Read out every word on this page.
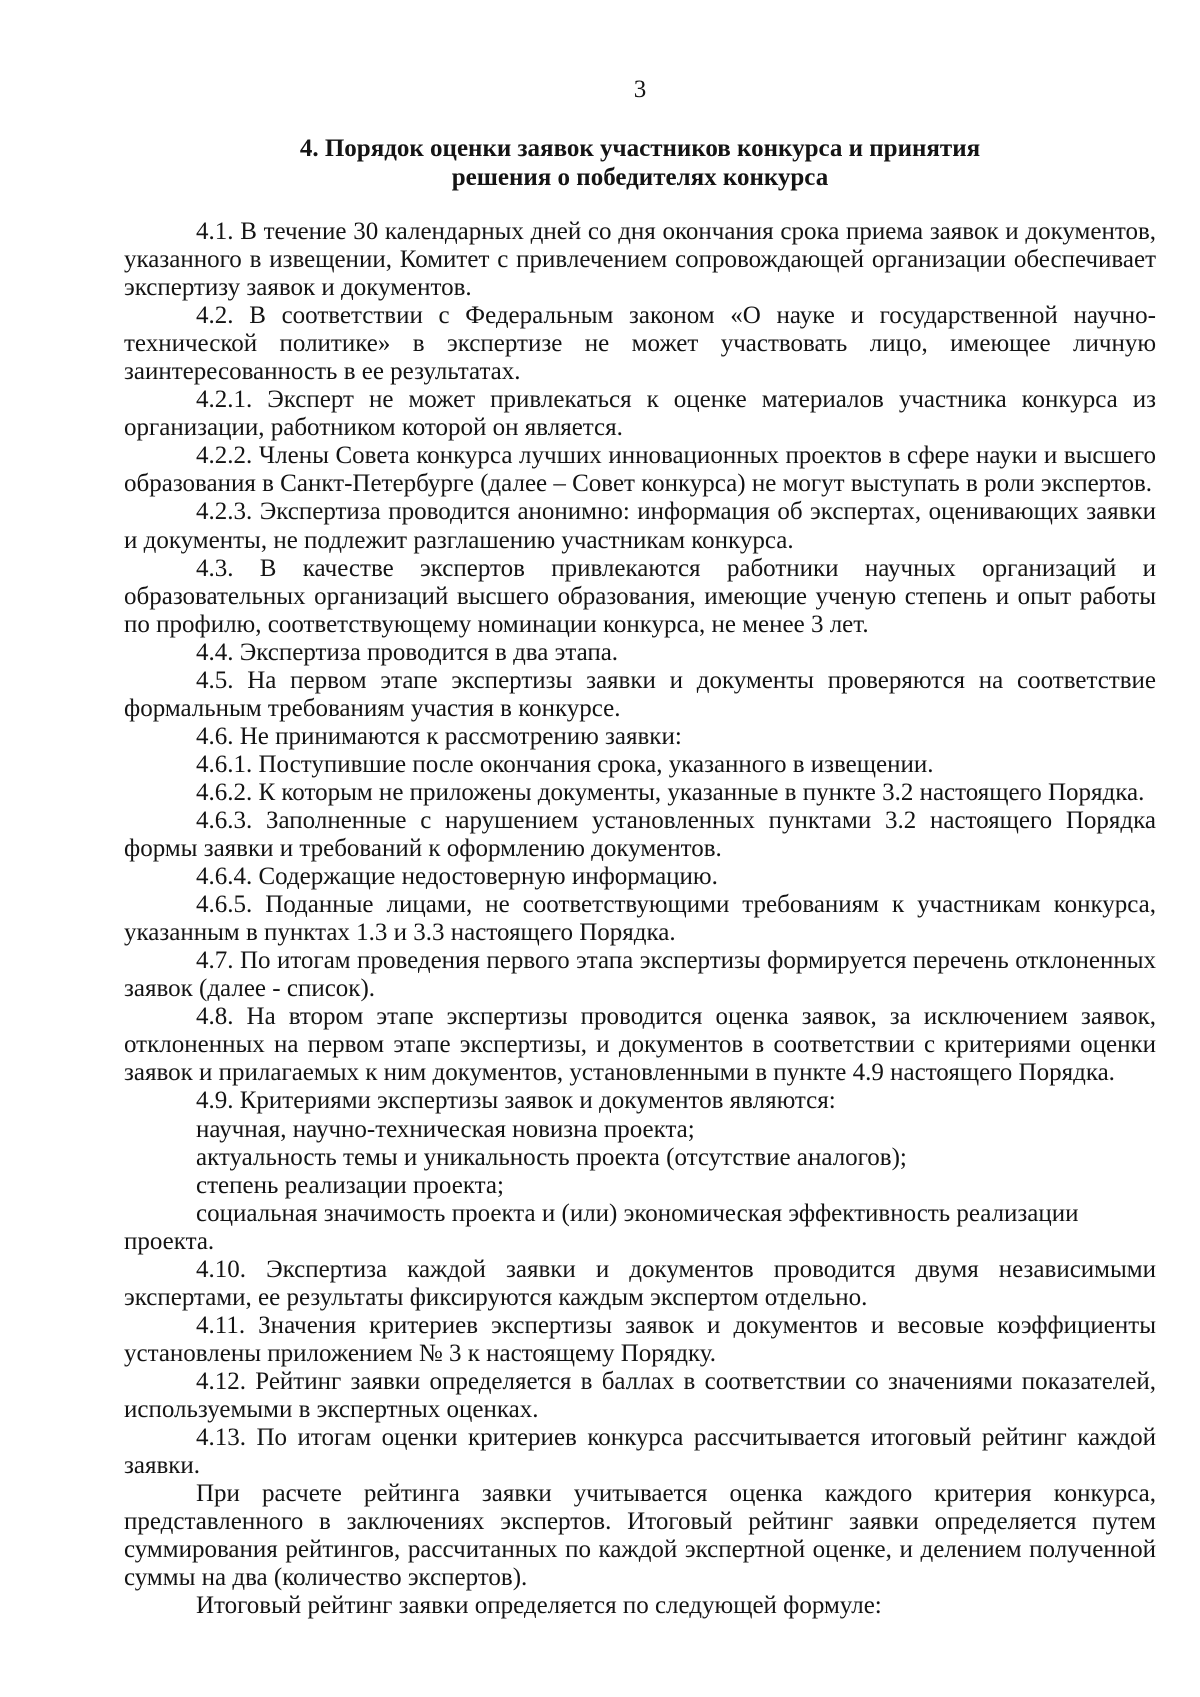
3
4. Порядок оценки заявок участников конкурса и принятия
решения о победителях конкурса

4.1. В течение 30 календарных дней со дня окончания срока приема заявок и документов, указанного в извещении, Комитет с привлечением сопровождающей организации обеспечивает экспертизу заявок и документов.

4.2. В соответствии с Федеральным законом «О науке и государственной научно-технической политике» в экспертизе не может участвовать лицо, имеющее личную заинтересованность в ее результатах.

4.2.1. Эксперт не может привлекаться к оценке материалов участника конкурса из организации, работником которой он является.

4.2.2. Члены Совета конкурса лучших инновационных проектов в сфере науки и высшего образования в Санкт-Петербурге (далее – Совет конкурса) не могут выступать в роли экспертов.

4.2.3. Экспертиза проводится анонимно: информация об экспертах, оценивающих заявки и документы, не подлежит разглашению участникам конкурса.

4.3. В качестве экспертов привлекаются работники научных организаций и образовательных организаций высшего образования, имеющие ученую степень и опыт работы по профилю, соответствующему номинации конкурса, не менее 3 лет.

4.4. Экспертиза проводится в два этапа.

4.5. На первом этапе экспертизы заявки и документы проверяются на соответствие формальным требованиям участия в конкурсе.

4.6. Не принимаются к рассмотрению заявки:

4.6.1. Поступившие после окончания срока, указанного в извещении.

4.6.2. К которым не приложены документы, указанные в пункте 3.2 настоящего Порядка.

4.6.3. Заполненные с нарушением установленных пунктами 3.2 настоящего Порядка формы заявки и требований к оформлению документов.

4.6.4. Содержащие недостоверную информацию.

4.6.5. Поданные лицами, не соответствующими требованиям к участникам конкурса, указанным в пунктах 1.3 и 3.3 настоящего Порядка.

4.7. По итогам проведения первого этапа экспертизы формируется перечень отклоненных заявок (далее - список).

4.8. На втором этапе экспертизы проводится оценка заявок, за исключением заявок, отклоненных на первом этапе экспертизы, и документов в соответствии с критериями оценки заявок и прилагаемых к ним документов, установленными в пункте 4.9 настоящего Порядка.

4.9. Критериями экспертизы заявок и документов являются:

научная, научно-техническая новизна проекта;

актуальность темы и уникальность проекта (отсутствие аналогов);

степень реализации проекта;

социальная значимость проекта и (или) экономическая эффективность реализации проекта.

4.10. Экспертиза каждой заявки и документов проводится двумя независимыми экспертами, ее результаты фиксируются каждым экспертом отдельно.

4.11. Значения критериев экспертизы заявок и документов и весовые коэффициенты установлены приложением № 3 к настоящему Порядку.

4.12. Рейтинг заявки определяется в баллах в соответствии со значениями показателей, используемыми в экспертных оценках.

4.13. По итогам оценки критериев конкурса рассчитывается итоговый рейтинг каждой заявки.

При расчете рейтинга заявки учитывается оценка каждого критерия конкурса, представленного в заключениях экспертов. Итоговый рейтинг заявки определяется путем суммирования рейтингов, рассчитанных по каждой экспертной оценке, и делением полученной суммы на два (количество экспертов).

Итоговый рейтинг заявки определяется по следующей формуле:
